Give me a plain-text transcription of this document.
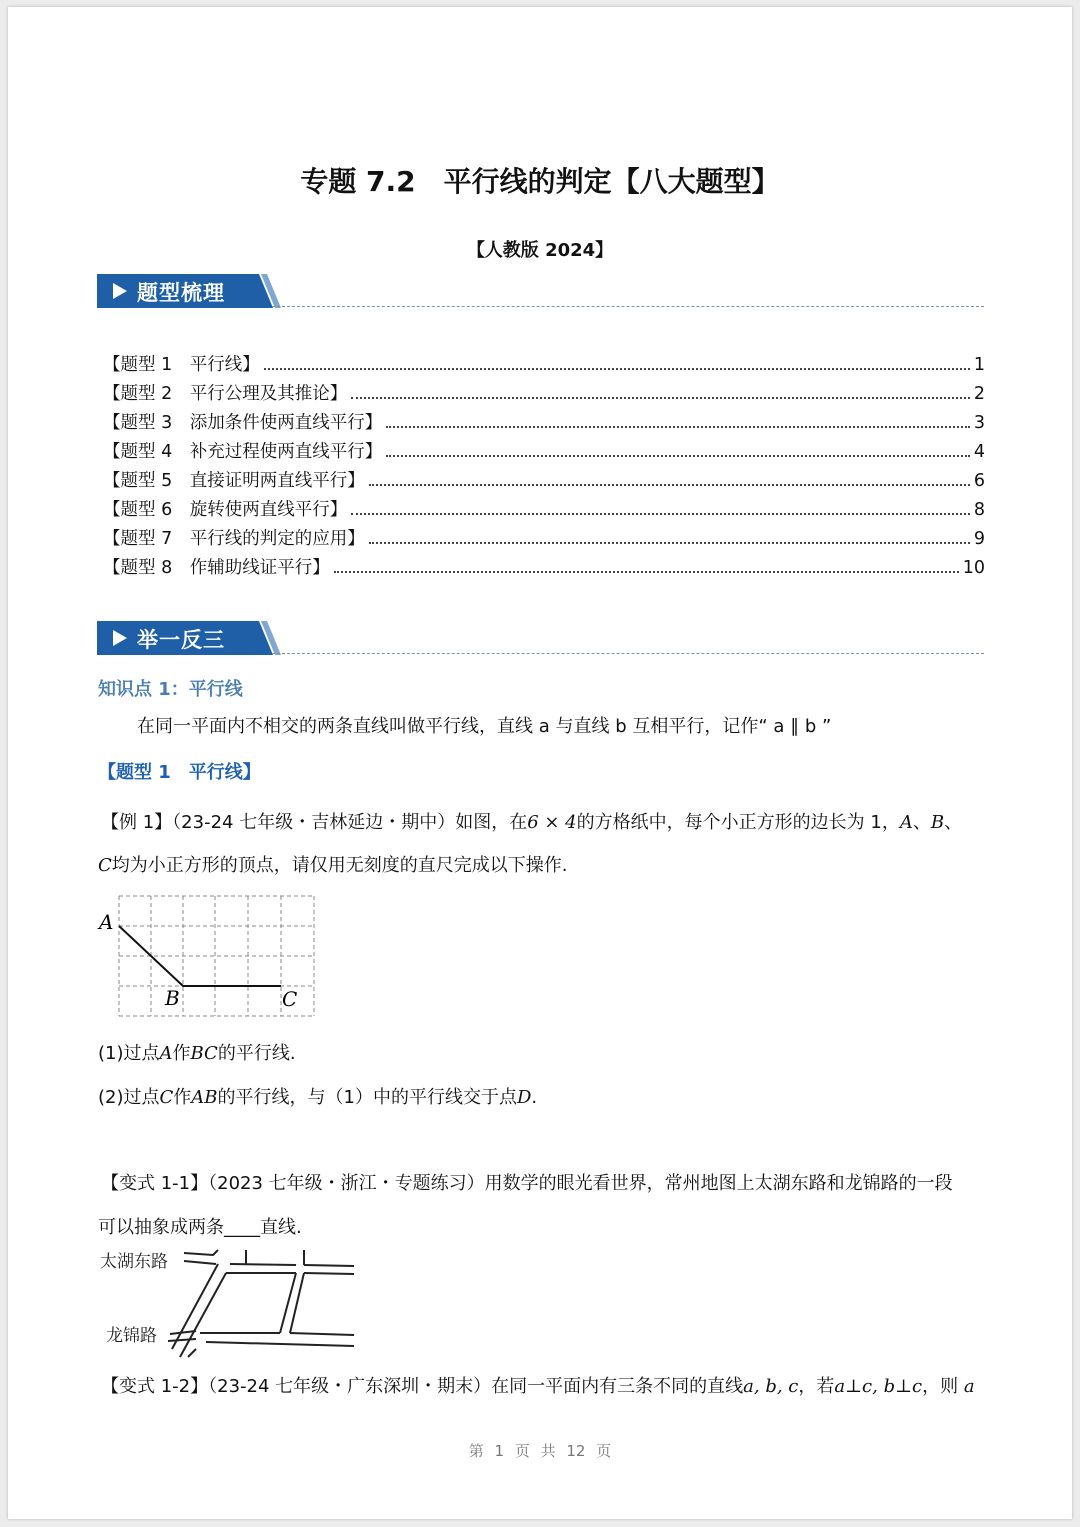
专题 7.2　平行线的判定【八大题型】
【人教版 2024】
题型梳理
【题型 1　平行线】	1
【题型 2　平行公理及其推论】	2
【题型 3　添加条件使两直线平行】	3
【题型 4　补充过程使两直线平行】	4
【题型 5　直接证明两直线平行】	6
【题型 6　旋转使两直线平行】	8
【题型 7　平行线的判定的应用】	9
【题型 8　作辅助线证平行】	10
举一反三
知识点 1：平行线
在同一平面内不相交的两条直线叫做平行线，直线 a 与直线 b 互相平行，记作“ a ∥ b ”
【题型 1　平行线】
【例 1】（23-24 七年级・吉林延边・期中）如图，在6 × 4的方格纸中，每个小正方形的边长为 1，A、B、
C均为小正方形的顶点，请仅用无刻度的直尺完成以下操作.
A
B	C
(1)过点A作BC的平行线.
(2)过点C作AB的平行线，与（1）中的平行线交于点D.
【变式 1-1】（2023 七年级・浙江・专题练习）用数学的眼光看世界，常州地图上太湖东路和龙锦路的一段
可以抽象成两条____直线.
太湖东路
龙锦路
【变式 1-2】（23-24 七年级・广东深圳・期末）在同一平面内有三条不同的直线a, b, c，若a⊥c, b⊥c，则 a
第 1 页 共 12 页
